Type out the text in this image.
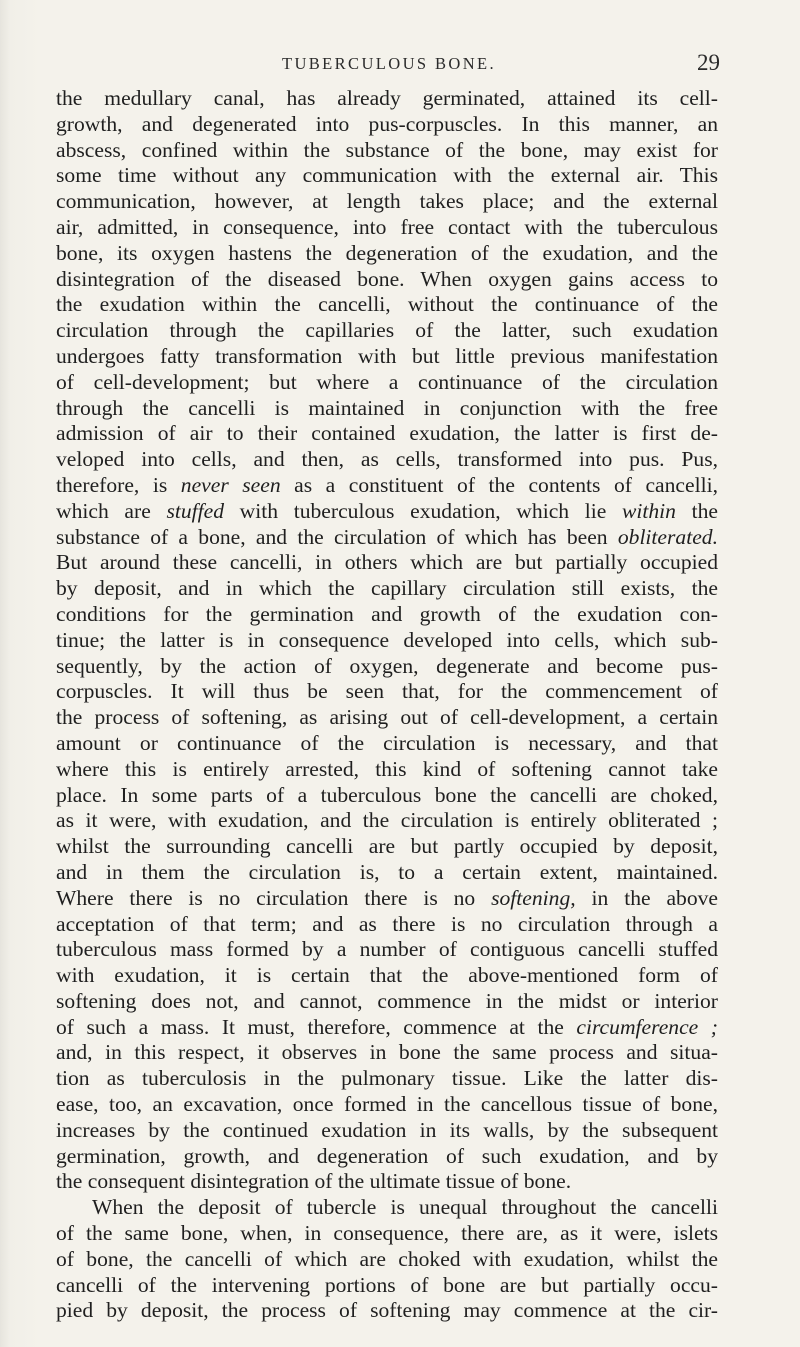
TUBERCULOUS BONE.	29
the medullary canal, has already germinated, attained its cell-
growth, and degenerated into pus-corpuscles. In this manner, an
abscess, confined within the substance of the bone, may exist for
some time without any communication with the external air. This
communication, however, at length takes place; and the external
air, admitted, in consequence, into free contact with the tuberculous
bone, its oxygen hastens the degeneration of the exudation, and the
disintegration of the diseased bone. When oxygen gains access to
the exudation within the cancelli, without the continuance of the
circulation through the capillaries of the latter, such exudation
undergoes fatty transformation with but little previous manifestation
of cell-development; but where a continuance of the circulation
through the cancelli is maintained in conjunction with the free
admission of air to their contained exudation, the latter is first de-
veloped into cells, and then, as cells, transformed into pus. Pus,
therefore, is never seen as a constituent of the contents of cancelli,
which are stuffed with tuberculous exudation, which lie within the
substance of a bone, and the circulation of which has been obliterated.
But around these cancelli, in others which are but partially occupied
by deposit, and in which the capillary circulation still exists, the
conditions for the germination and growth of the exudation con-
tinue; the latter is in consequence developed into cells, which sub-
sequently, by the action of oxygen, degenerate and become pus-
corpuscles. It will thus be seen that, for the commencement of
the process of softening, as arising out of cell-development, a certain
amount or continuance of the circulation is necessary, and that
where this is entirely arrested, this kind of softening cannot take
place. In some parts of a tuberculous bone the cancelli are choked,
as it were, with exudation, and the circulation is entirely obliterated ;
whilst the surrounding cancelli are but partly occupied by deposit,
and in them the circulation is, to a certain extent, maintained.
Where there is no circulation there is no softening, in the above
acceptation of that term; and as there is no circulation through a
tuberculous mass formed by a number of contiguous cancelli stuffed
with exudation, it is certain that the above-mentioned form of
softening does not, and cannot, commence in the midst or interior
of such a mass. It must, therefore, commence at the circumference ;
and, in this respect, it observes in bone the same process and situa-
tion as tuberculosis in the pulmonary tissue. Like the latter dis-
ease, too, an excavation, once formed in the cancellous tissue of bone,
increases by the continued exudation in its walls, by the subsequent
germination, growth, and degeneration of such exudation, and by
the consequent disintegration of the ultimate tissue of bone.
When the deposit of tubercle is unequal throughout the cancelli
of the same bone, when, in consequence, there are, as it were, islets
of bone, the cancelli of which are choked with exudation, whilst the
cancelli of the intervening portions of bone are but partially occu-
pied by deposit, the process of softening may commence at the cir-
